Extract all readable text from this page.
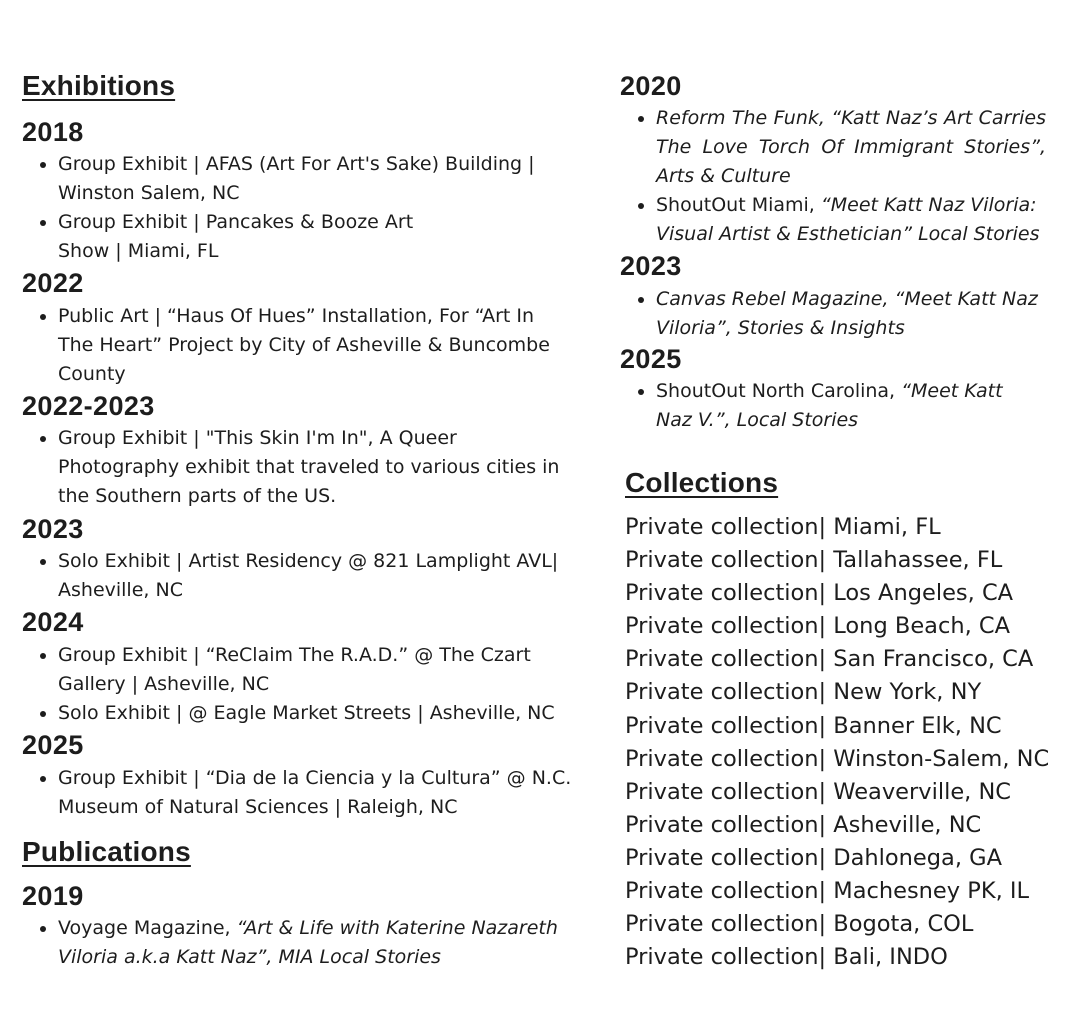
Exhibitions
2018
• Group Exhibit | AFAS (Art For Art's Sake) Building | Winston Salem, NC
• Group Exhibit | Pancakes & Booze Art Show | Miami, FL
2022
• Public Art | “Haus Of Hues” Installation, For “Art In The Heart” Project by City of Asheville & Buncombe County
2022-2023
• Group Exhibit | "This Skin I'm In", A Queer Photography exhibit that traveled to various cities in the Southern parts of the US.
2023
• Solo Exhibit | Artist Residency @ 821 Lamplight AVL| Asheville, NC
2024
• Group Exhibit | “ReClaim The R.A.D.” @ The Czart Gallery | Asheville, NC
• Solo Exhibit | @ Eagle Market Streets | Asheville, NC
2025
• Group Exhibit | “Dia de la Ciencia y la Cultura” @ N.C. Museum of Natural Sciences | Raleigh, NC
Publications
2019
• Voyage Magazine, “Art & Life with Katerine Nazareth Viloria a.k.a Katt Naz”, MIA Local Stories
2020
• Reform The Funk, “Katt Naz’s Art Carries The Love Torch Of Immigrant Stories”, Arts & Culture
• ShoutOut Miami, “Meet Katt Naz Viloria: Visual Artist & Esthetician” Local Stories
2023
• Canvas Rebel Magazine, “Meet Katt Naz Viloria”, Stories & Insights
2025
• ShoutOut North Carolina, “Meet Katt Naz V.”, Local Stories
Collections
Private collection| Miami, FL
Private collection| Tallahassee, FL
Private collection| Los Angeles, CA
Private collection| Long Beach, CA
Private collection| San Francisco, CA
Private collection| New York, NY
Private collection| Banner Elk, NC
Private collection| Winston-Salem, NC
Private collection| Weaverville, NC
Private collection| Asheville, NC
Private collection| Dahlonega, GA
Private collection| Machesney PK, IL
Private collection| Bogota, COL
Private collection| Bali, INDO
